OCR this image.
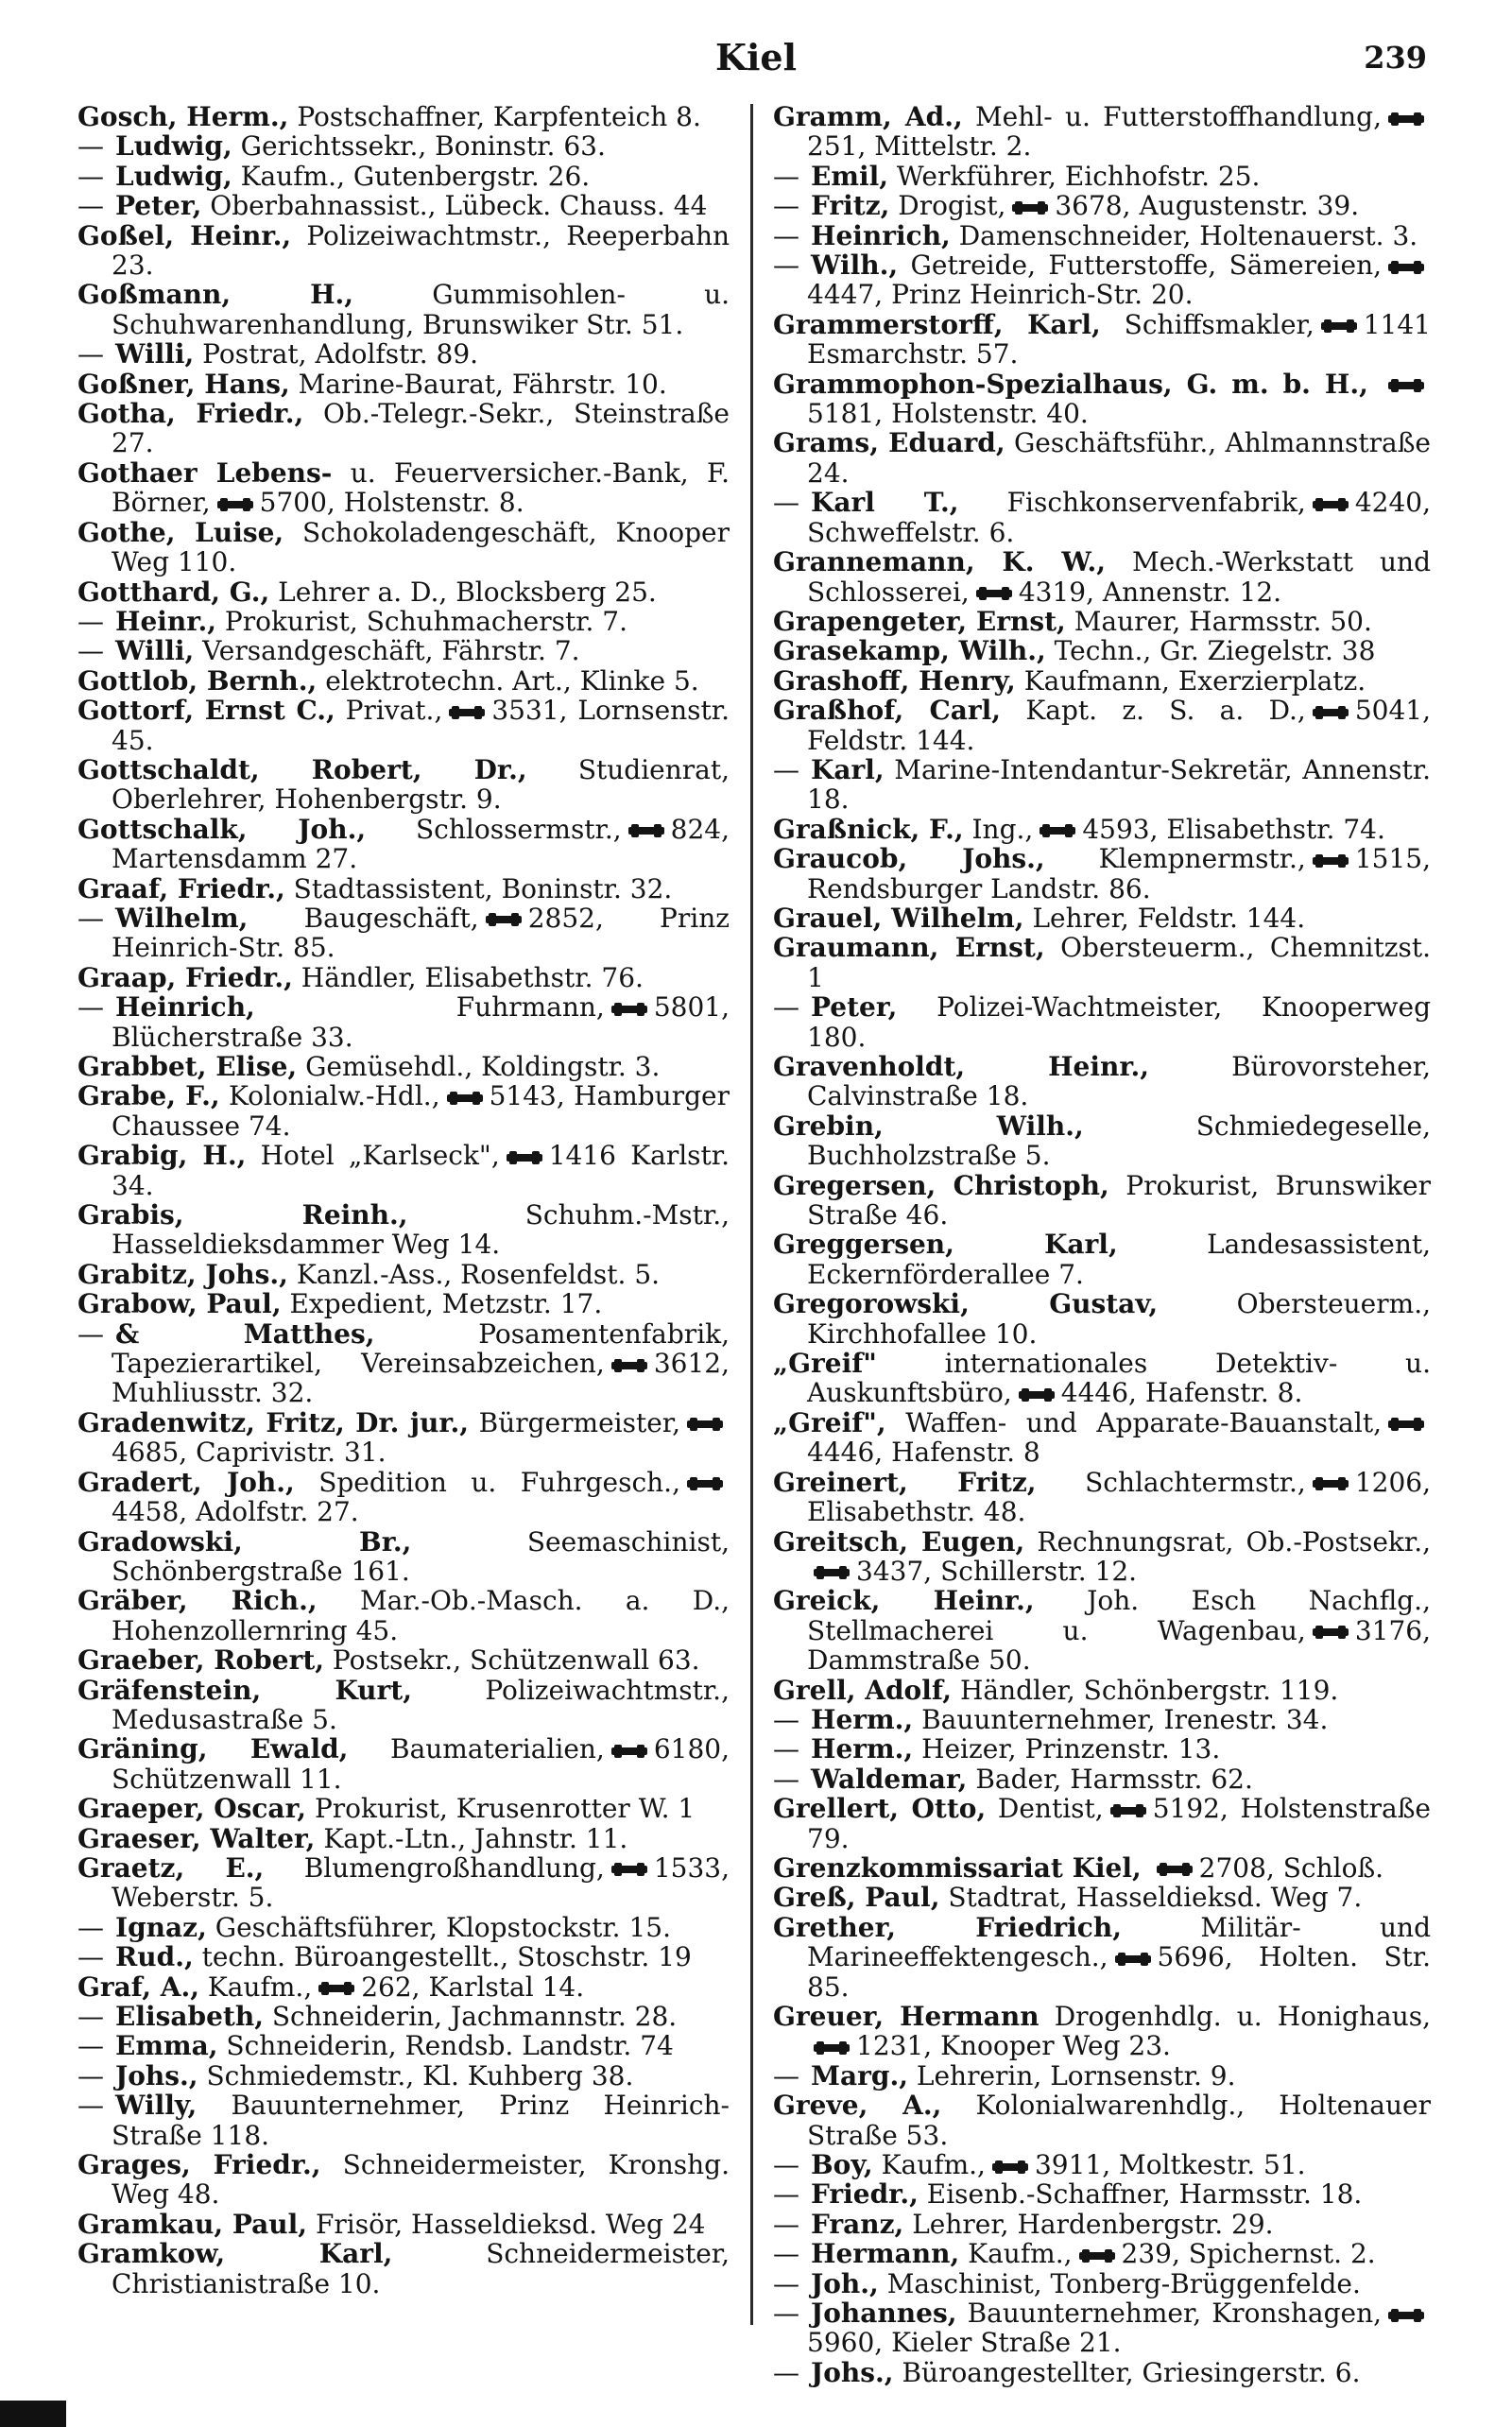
Kiel	239
Gosch, Herm., Postschaffner, Karpfenteich 8.
— Ludwig, Gerichtssekr., Boninstr. 63.
— Ludwig, Kaufm., Gutenbergstr. 26.
— Peter, Oberbahnassist., Lübeck. Chauss. 44
Goßel, Heinr., Polizeiwachtmstr., Reeperbahn 23.
Goßmann, H.,	Gummisohlen- u. Schuhwarenhandlung, Brunswiker Str. 51.
— Willi, Postrat, Adolfstr. 89.
Goßner, Hans, Marine-Baurat, Fährstr. 10.
Gotha, Friedr., Ob.-Telegr.-Sekr., Steinstraße 27.
Gothaer Lebens- u. Feuerversicher.-Bank, F. Börner, 5700, Holstenstr. 8.
Gothe, Luise, Schokoladengeschäft, Knooper Weg 110.
Gotthard, G., Lehrer a. D., Blocksberg 25.
— Heinr., Prokurist, Schuhmacherstr. 7.
— Willi, Versandgeschäft, Fährstr. 7.
Gottlob, Bernh., elektrotechn. Art., Klinke 5.
Gottorf, Ernst C., Privat., 3531, Lornsenstr. 45.
Gottschaldt, Robert, Dr., Studienrat, Oberlehrer, Hohenbergstr. 9.
Gottschalk, Joh., Schlossermstr., 824, Martensdamm 27.
Graaf, Friedr., Stadtassistent, Boninstr. 32.
— Wilhelm, Baugeschäft, 2852, Prinz Heinrich-Str. 85.
Graap, Friedr., Händler, Elisabethstr. 76.
— Heinrich,	Fuhrmann, 5801, Blücherstraße 33.
Grabbet, Elise, Gemüsehdl., Koldingstr. 3.
Grabe, F., Kolonialw.-Hdl., 5143, Hamburger Chaussee 74.
Grabig, H., Hotel „Karlseck", 1416 Karlstr. 34.
Grabis, Reinh.,	Schuhm.-Mstr., Hasseldieksdammer Weg 14.
Grabitz, Johs., Kanzl.-Ass., Rosenfeldst. 5.
Grabow, Paul, Expedient, Metzstr. 17.
— & Matthes,	Posamentenfabrik, Tapezierartikel, Vereinsabzeichen, 3612, Muhliusstr. 32.
Gradenwitz, Fritz, Dr. jur., Bürgermeister,4685, Caprivistr. 31.
Gradert, Joh., Spedition u. Fuhrgesch.,4458, Adolfstr. 27.
Gradowski, Br.,	Seemaschinist, Schönbergstraße 161.
Gräber, Rich., Mar.-Ob.-Masch. a. D., Hohenzollernring 45.
Graeber, Robert, Postsekr., Schützenwall 63.
Gräfenstein, Kurt,	Polizeiwachtmstr., Medusastraße 5.
Gräning, Ewald, Baumaterialien, 6180, Schützenwall 11.
Graeper, Oscar, Prokurist, Krusenrotter W. 1
Graeser, Walter, Kapt.-Ltn., Jahnstr. 11.
Graetz, E., Blumengroßhandlung, 1533, Weberstr. 5.
— Ignaz, Geschäftsführer, Klopstockstr. 15.
— Rud., techn. Büroangestellt., Stoschstr. 19
Graf, A., Kaufm., 262, Karlstal 14.
— Elisabeth, Schneiderin, Jachmannstr. 28.
— Emma, Schneiderin, Rendsb. Landstr. 74
— Johs., Schmiedemstr., Kl. Kuhberg 38.
— Willy, Bauunternehmer, Prinz Heinrich-Straße 118.
Grages, Friedr., Schneidermeister, Kronshg. Weg 48.
Gramkau, Paul, Frisör, Hasseldieksd. Weg 24
Gramkow, Karl,	Schneidermeister, Christianistraße 10.
Gramm, Ad., Mehl- u. Futterstoffhandlung,251, Mittelstr. 2.
— Emil, Werkführer, Eichhofstr. 25.
— Fritz, Drogist, 3678, Augustenstr. 39.
— Heinrich, Damenschneider, Holtenauerst. 3.
— Wilh., Getreide, Futterstoffe, Sämereien,4447, Prinz Heinrich-Str. 20.
Grammerstorff, Karl, Schiffsmakler, 1141 Esmarchstr. 57.
Grammophon-Spezialhaus, G. m. b. H., 5181, Holstenstr. 40.
Grams, Eduard, Geschäftsführ., Ahlmannstraße 24.
— Karl T., Fischkonservenfabrik, 4240, Schweffelstr. 6.
Grannemann, K. W., Mech.-Werkstatt und Schlosserei, 4319, Annenstr. 12.
Grapengeter, Ernst, Maurer, Harmsstr. 50.
Grasekamp, Wilh., Techn., Gr. Ziegelstr. 38
Grashoff, Henry, Kaufmann, Exerzierplatz.
Graßhof, Carl, Kapt. z. S. a. D., 5041, Feldstr. 144.
— Karl, Marine-Intendantur-Sekretär, Annenstr. 18.
Graßnick, F., Ing., 4593, Elisabethstr. 74.
Graucob, Johs., Klempnermstr., 1515, Rendsburger Landstr. 86.
Grauel, Wilhelm, Lehrer, Feldstr. 144.
Graumann, Ernst, Obersteuerm., Chemnitzst. 1
— Peter, Polizei-Wachtmeister, Knooperweg 180.
Gravenholdt, Heinr.,	Bürovorsteher, Calvinstraße 18.
Grebin, Wilh.,	Schmiedegeselle, Buchholzstraße 5.
Gregersen, Christoph, Prokurist, Brunswiker Straße 46.
Greggersen, Karl,	Landesassistent, Eckernförderallee 7.
Gregorowski, Gustav,	Obersteuerm., Kirchhofallee 10.
„Greif"	internationales Detektiv- u. Auskunftsbüro, 4446, Hafenstr. 8.
„Greif", Waffen- und Apparate-Bauanstalt,4446, Hafenstr. 8
Greinert, Fritz, Schlachtermstr., 1206, Elisabethstr. 48.
Greitsch, Eugen, Rechnungsrat, Ob.-Postsekr.,3437, Schillerstr. 12.
Greick, Heinr., Joh. Esch Nachflg., Stellmacherei u. Wagenbau, 3176, Dammstraße 50.
Grell, Adolf, Händler, Schönbergstr. 119.
— Herm., Bauunternehmer, Irenestr. 34.
— Herm., Heizer, Prinzenstr. 13.
— Waldemar, Bader, Harmsstr. 62.
Grellert, Otto, Dentist, 5192, Holstenstraße 79.
Grenzkommissariat Kiel, 2708, Schloß.
Greß, Paul, Stadtrat, Hasseldieksd. Weg 7.
Grether, Friedrich,	Militär- und Marineeffektengesch., 5696, Holten. Str. 85.
Greuer, Hermann Drogenhdlg. u. Honighaus,1231, Knooper Weg 23.
— Marg., Lehrerin, Lornsenstr. 9.
Greve, A., Kolonialwarenhdlg., Holtenauer Straße 53.
— Boy, Kaufm., 3911, Moltkestr. 51.
— Friedr., Eisenb.-Schaffner, Harmsstr. 18.
— Franz, Lehrer, Hardenbergstr. 29.
— Hermann, Kaufm., 239, Spichernst. 2.
— Joh., Maschinist, Tonberg-Brüggenfelde.
— Johannes, Bauunternehmer, Kronshagen,5960, Kieler Straße 21.
— Johs., Büroangestellter, Griesingerstr. 6.
